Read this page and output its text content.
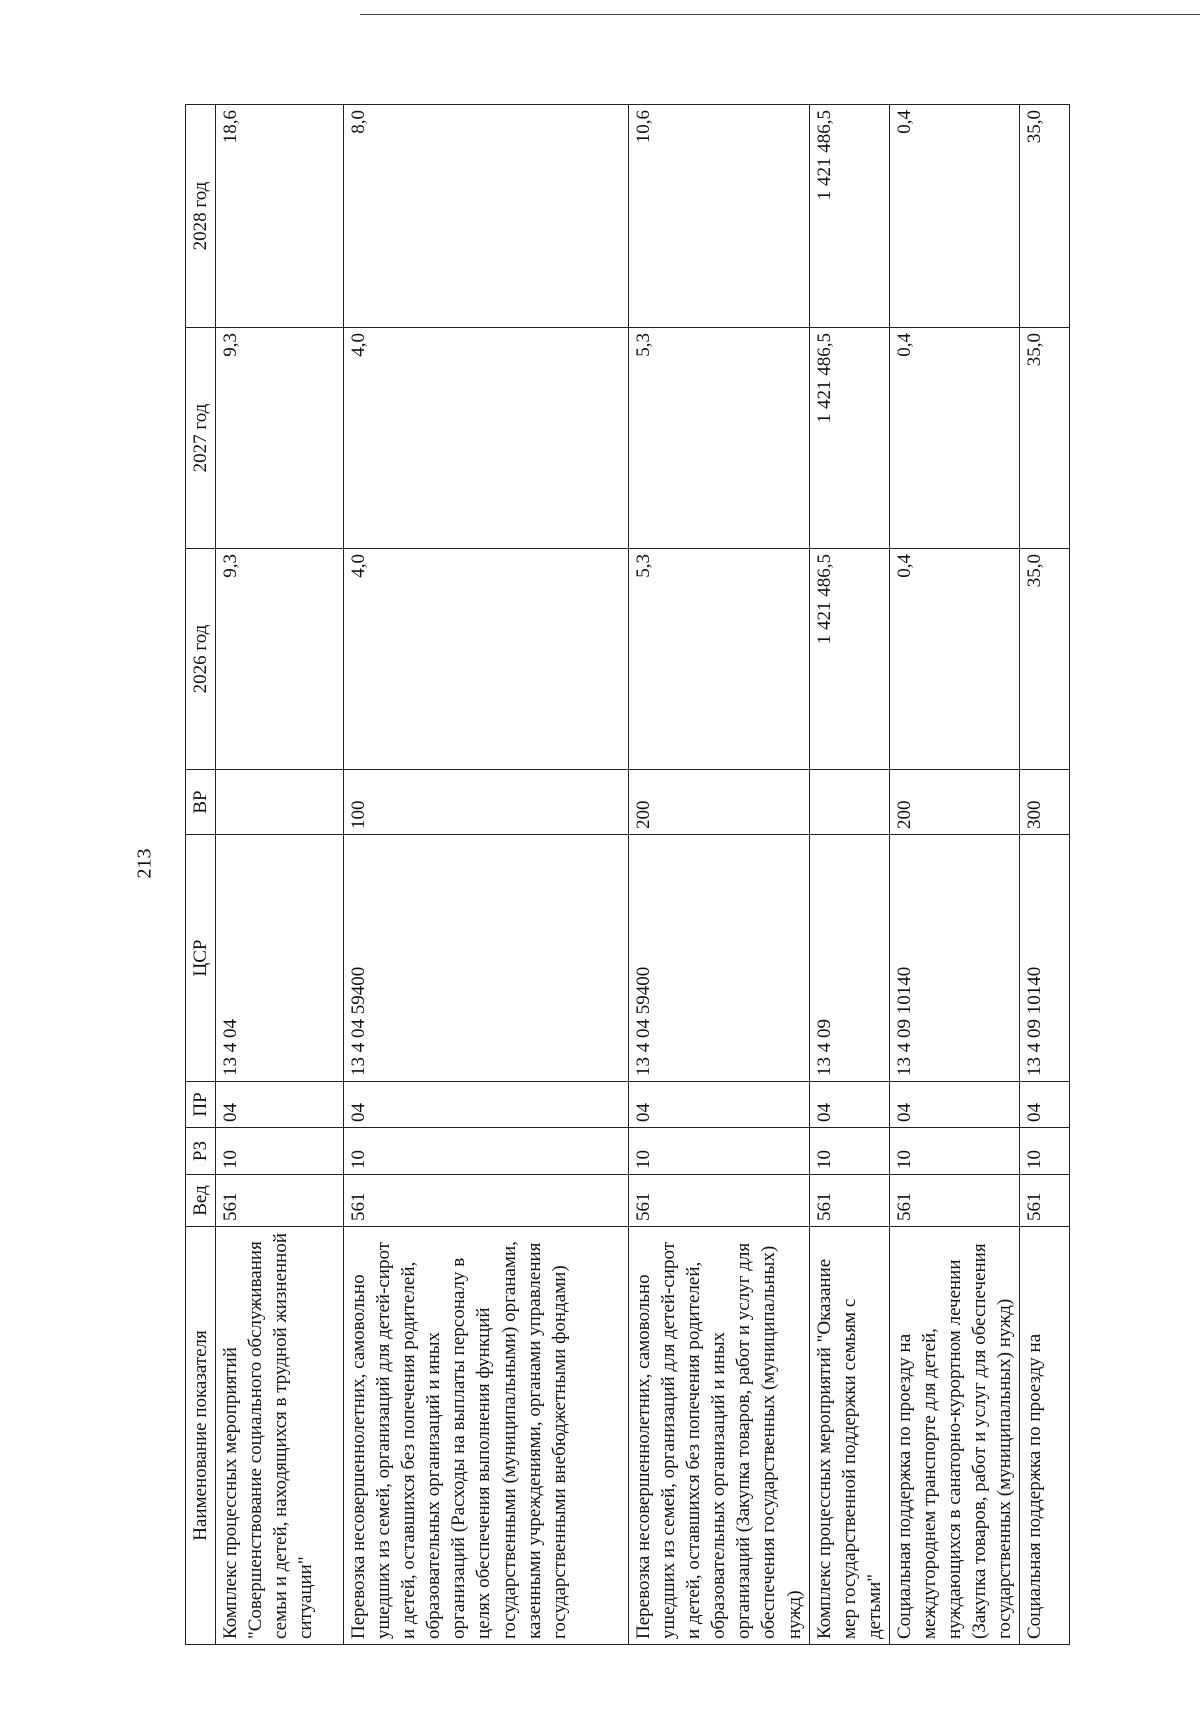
213
Наименование показателя	Вед	РЗ	ПР	ЦСР	ВР	2026 год	2027 год	2028 год
Комплекс процессных мероприятий "Совершенствование социального обслуживания семьи и детей, находящихся в трудной жизненной ситуации"	561	10	04	13 4 04		9,3	9,3	18,6
Перевозка несовершеннолетних, самовольно ушедших из семей, организаций для детей-сирот и детей, оставшихся без попечения родителей, образовательных организаций и иных организаций (Расходы на выплаты персоналу в целях обеспечения выполнения функций государственными (муниципальными) органами, казенными учреждениями, органами управления государственными внебюджетными фондами)	561	10	04	13 4 04 59400	100	4,0	4,0	8,0
Перевозка несовершеннолетних, самовольно ушедших из семей, организаций для детей-сирот и детей, оставшихся без попечения родителей, образовательных организаций и иных организаций (Закупка товаров, работ и услуг для обеспечения государственных (муниципальных) нужд)	561	10	04	13 4 04 59400	200	5,3	5,3	10,6
Комплекс процессных мероприятий "Оказание мер государственной поддержки семьям с детьми"	561	10	04	13 4 09		1 421 486,5	1 421 486,5	1 421 486,5
Социальная поддержка по проезду на междугороднем транспорте для детей, нуждающихся в санаторно-курортном лечении (Закупка товаров, работ и услуг для обеспечения государственных (муниципальных) нужд)	561	10	04	13 4 09 10140	200	0,4	0,4	0,4
Социальная поддержка по проезду на	561	10	04	13 4 09 10140	300	35,0	35,0	35,0
